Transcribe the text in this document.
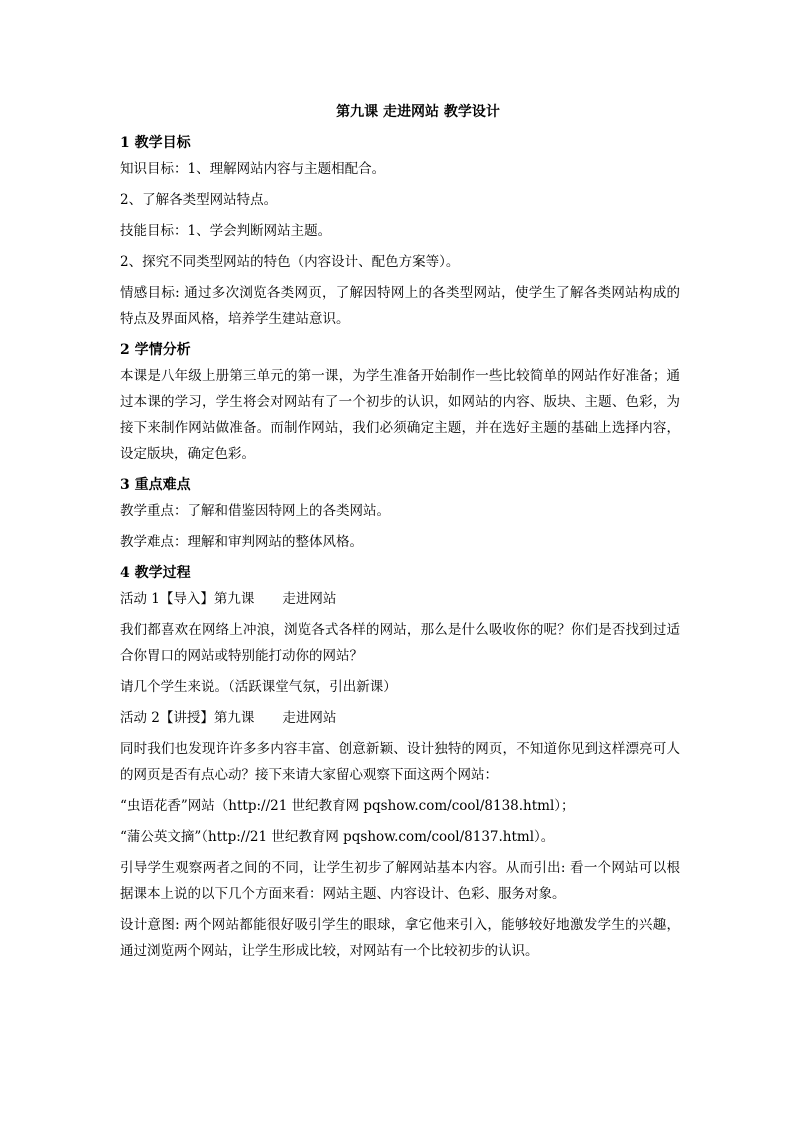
第九课 走进网站 教学设计

1 教学目标

知识目标：1、理解网站内容与主题相配合。

2、了解各类型网站特点。

技能目标：1、学会判断网站主题。

2、探究不同类型网站的特色（内容设计、配色方案等）。

情感目标: 通过多次浏览各类网页，了解因特网上的各类型网站，使学生了解各类网站构成的特点及界面风格，培养学生建站意识。

2 学情分析

本课是八年级上册第三单元的第一课，为学生准备开始制作一些比较简单的网站作好准备；通过本课的学习，学生将会对网站有了一个初步的认识，如网站的内容、版块、主题、色彩，为接下来制作网站做准备。而制作网站，我们必须确定主题，并在选好主题的基础上选择内容，设定版块，确定色彩。

3 重点难点

教学重点：了解和借鉴因特网上的各类网站。

教学难点：理解和审判网站的整体风格。

4 教学过程

活动 1【导入】第九课 走进网站

我们都喜欢在网络上冲浪，浏览各式各样的网站，那么是什么吸收你的呢？你们是否找到过适合你胃口的网站或特别能打动你的网站？

请几个学生来说。（活跃课堂气氛，引出新课）

活动 2【讲授】第九课 走进网站

同时我们也发现许许多多内容丰富、创意新颖、设计独特的网页，不知道你见到这样漂亮可人的网页是否有点心动？接下来请大家留心观察下面这两个网站：

“虫语花香”网站（http://21 世纪教育网 pqshow.com/cool/8138.html）；

“蒲公英文摘”（http://21 世纪教育网 pqshow.com/cool/8137.html）。

引导学生观察两者之间的不同，让学生初步了解网站基本内容。从而引出: 看一个网站可以根据课本上说的以下几个方面来看：网站主题、内容设计、色彩、服务对象。

设计意图: 两个网站都能很好吸引学生的眼球，拿它他来引入，能够较好地激发学生的兴趣，通过浏览两个网站，让学生形成比较，对网站有一个比较初步的认识。
